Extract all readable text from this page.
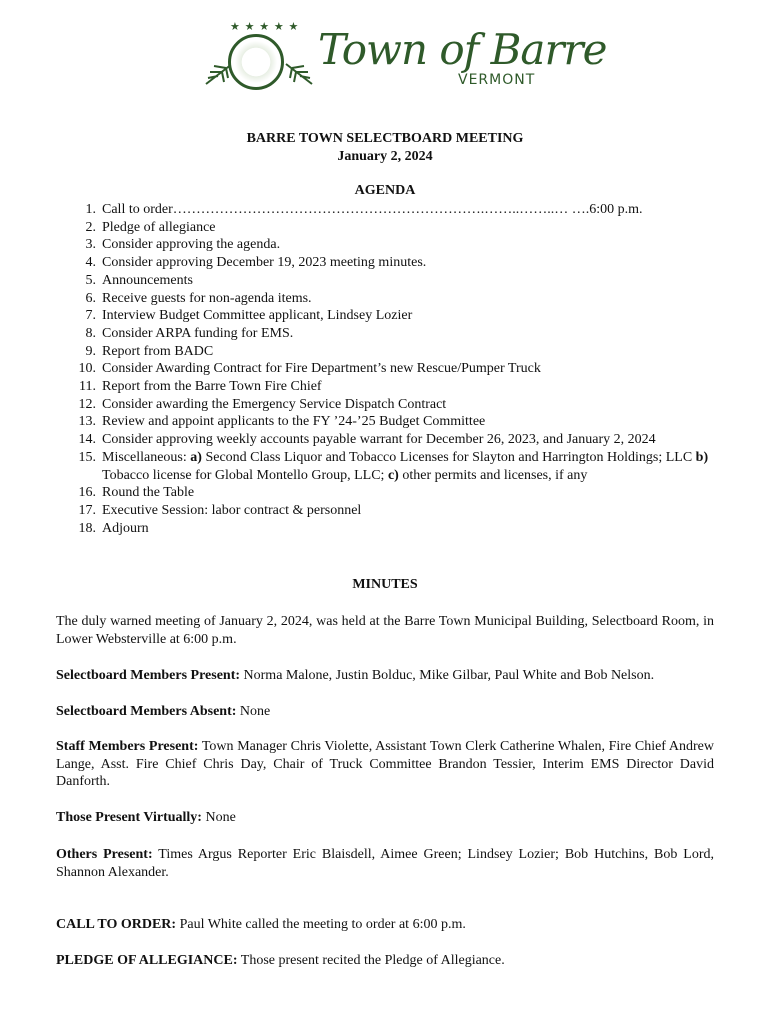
★ ★ ★ ★ ★ Town of Barre
VERMONT
BARRE TOWN SELECTBOARD MEETING
January 2, 2024
AGENDA
1. Call to order………………………………………………………….……..……..… ….6:00 p.m.
2. Pledge of allegiance
3. Consider approving the agenda.
4. Consider approving December 19, 2023 meeting minutes.
5. Announcements
6. Receive guests for non-agenda items.
7. Interview Budget Committee applicant, Lindsey Lozier
8. Consider ARPA funding for EMS.
9. Report from BADC
10. Consider Awarding Contract for Fire Department’s new Rescue/Pumper Truck
11. Report from the Barre Town Fire Chief
12. Consider awarding the Emergency Service Dispatch Contract
13. Review and appoint applicants to the FY ’24-’25 Budget Committee
14. Consider approving weekly accounts payable warrant for December 26, 2023, and January 2, 2024
15. Miscellaneous: a) Second Class Liquor and Tobacco Licenses for Slayton and Harrington Holdings; LLC b) Tobacco license for Global Montello Group, LLC; c) other permits and licenses, if any
16. Round the Table
17. Executive Session: labor contract & personnel
18. Adjourn
MINUTES
The duly warned meeting of January 2, 2024, was held at the Barre Town Municipal Building, Selectboard Room, in Lower Websterville at 6:00 p.m.
Selectboard Members Present: Norma Malone, Justin Bolduc, Mike Gilbar, Paul White and Bob Nelson.
Selectboard Members Absent: None
Staff Members Present: Town Manager Chris Violette, Assistant Town Clerk Catherine Whalen, Fire Chief Andrew Lange, Asst. Fire Chief Chris Day, Chair of Truck Committee Brandon Tessier, Interim EMS Director David Danforth.
Those Present Virtually: None
Others Present: Times Argus Reporter Eric Blaisdell, Aimee Green; Lindsey Lozier; Bob Hutchins, Bob Lord, Shannon Alexander.
CALL TO ORDER: Paul White called the meeting to order at 6:00 p.m.
PLEDGE OF ALLEGIANCE: Those present recited the Pledge of Allegiance.
